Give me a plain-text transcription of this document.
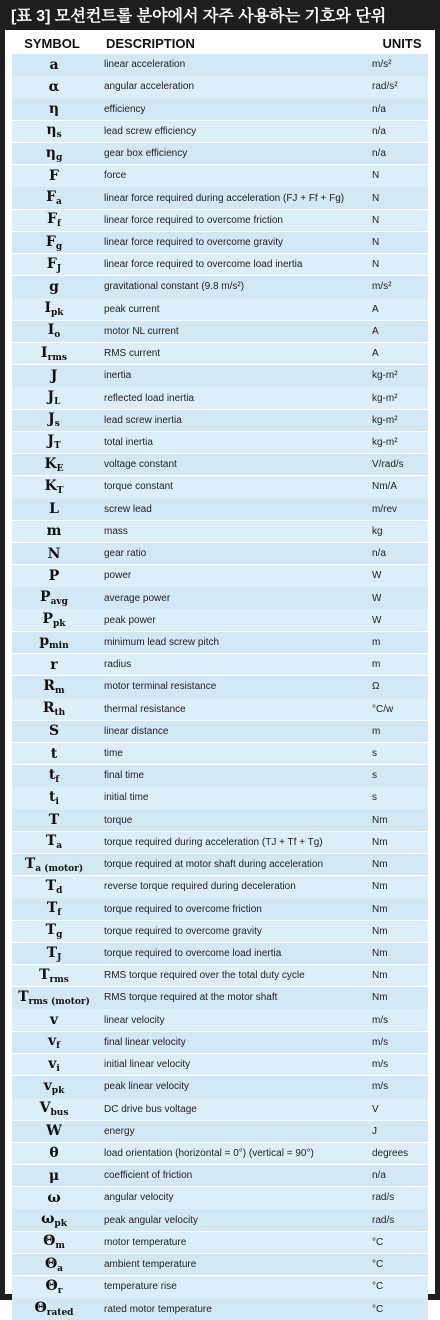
[표 3] 모션컨트롤 분야에서 자주 사용하는 기호와 단위
SYMBOL	DESCRIPTION	UNITS
a	linear acceleration	m/s²
α	angular acceleration	rad/s²
η	efficiency	n/a
$\eta_s$	lead screw efficiency	n/a
$\eta_g$	gear box efficiency	n/a
F	force	N
$F_a$	linear force required during acceleration (FJ + Ff + Fg)	N
$F_f$	linear force required to overcome friction	N
$F_g$	linear force required to overcome gravity	N
$F_J$	linear force required to overcome load inertia	N
g	gravitational constant (9.8 m/s²)	m/s²
$I_{pk}$	peak current	A
$I_o$	motor NL current	A
$I_{rms}$	RMS current	A
J	inertia	kg-m²
$J_L$	reflected load inertia	kg-m²
$J_s$	lead screw inertia	kg-m²
$J_T$	total inertia	kg-m²
$K_E$	voltage constant	V/rad/s
$K_T$	torque constant	Nm/A
L	screw lead	m/rev
m	mass	kg
N	gear ratio	n/a
P	power	W
$P_{avg}$	average power	W
$P_{pk}$	peak power	W
$p_{min}$	minimum lead screw pitch	m
r	radius	m
$R_m$	motor terminal resistance	Ω
$R_{th}$	thermal resistance	°C/w
S	linear distance	m
t	time	s
$t_f$	final time	s
$t_i$	initial time	s
T	torque	Nm
$T_a$	torque required during acceleration (TJ + Tf + Tg)	Nm
$T_{a (motor)}$	torque required at motor shaft during acceleration	Nm
$T_d$	reverse torque required during deceleration	Nm
$T_f$	torque required to overcome friction	Nm
$T_g$	torque required to overcome gravity	Nm
$T_J$	torque required to overcome load inertia	Nm
$T_{rms}$	RMS torque required over the total duty cycle	Nm
$T_{rms (motor)}$	RMS torque required at the motor shaft	Nm
v	linear velocity	m/s
$v_f$	final linear velocity	m/s
$v_i$	initial linear velocity	m/s
$v_{pk}$	peak linear velocity	m/s
$V_{bus}$	DC drive bus voltage	V
W	energy	J
θ	load orientation (horizontal = 0°) (vertical = 90°)	degrees
μ	coefficient of friction	n/a
ω	angular velocity	rad/s
$\omega_{pk}$	peak angular velocity	rad/s
$\Theta_m$	motor temperature	°C
$\Theta_a$	ambient temperature	°C
$\Theta_r$	temperature rise	°C
$\Theta_{rated}$	rated motor temperature	°C
